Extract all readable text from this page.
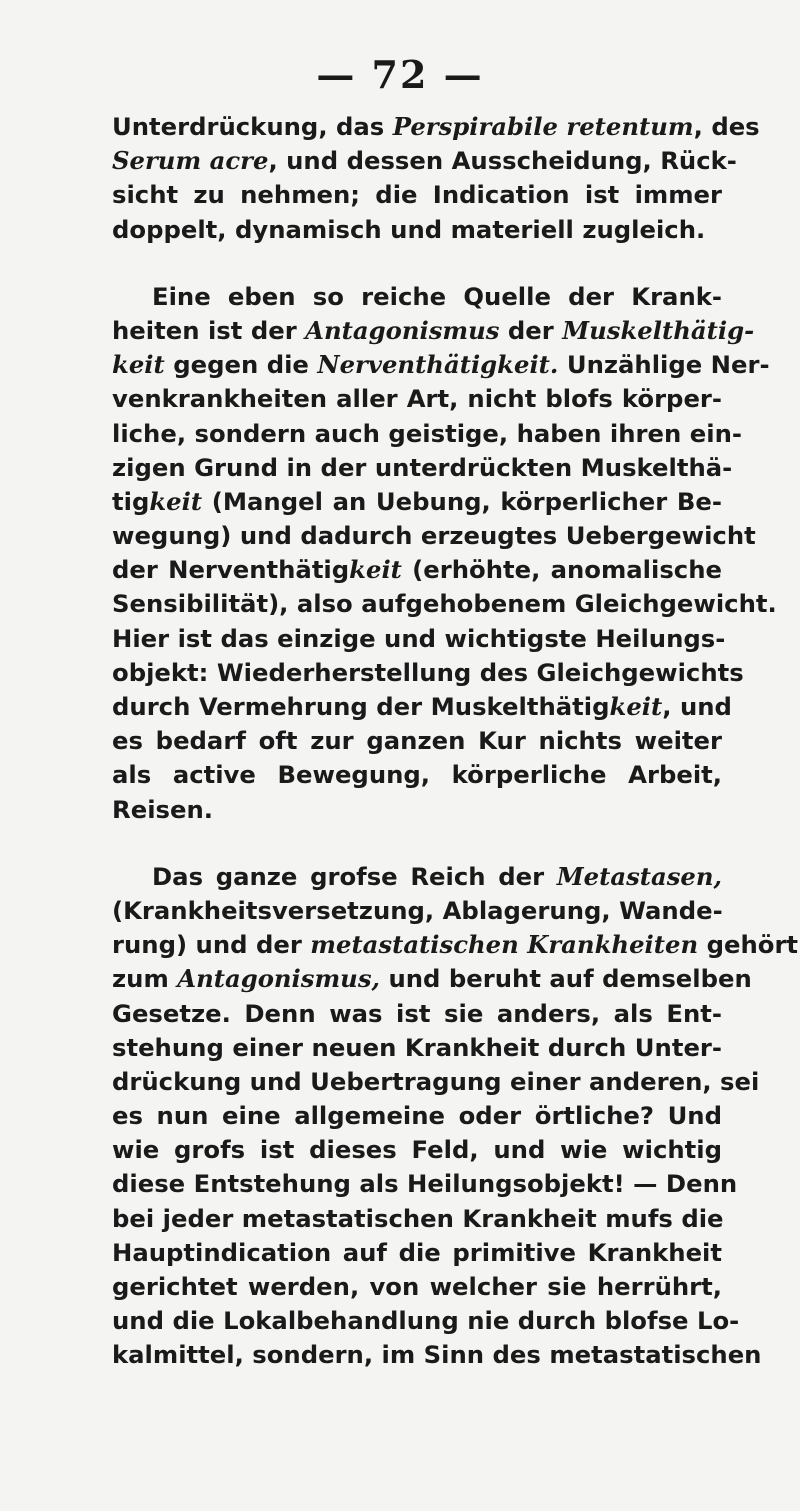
— 72 —
Unterdrückung, das Perspirabile retentum, des
Serum acre, und dessen Ausscheidung, Rück-
sicht zu nehmen; die Indication ist immer
doppelt, dynamisch und materiell zugleich.
Eine eben so reiche Quelle der Krank-
heiten ist der Antagonismus der Muskelthätig-
keit gegen die Nerventhätigkeit. Unzählige Ner-
venkrankheiten aller Art, nicht blofs körper-
liche, sondern auch geistige, haben ihren ein-
zigen Grund in der unterdrückten Muskelthä-
tigkeit (Mangel an Uebung, körperlicher Be-
wegung) und dadurch erzeugtes Uebergewicht
der Nerventhätigkeit (erhöhte, anomalische
Sensibilität), also aufgehobenem Gleichgewicht.
Hier ist das einzige und wichtigste Heilungs-
objekt: Wiederherstellung des Gleichgewichts
durch Vermehrung der Muskelthätigkeit, und
es bedarf oft zur ganzen Kur nichts weiter
als active Bewegung, körperliche Arbeit,
Reisen.
Das ganze grofse Reich der Metastasen,
(Krankheitsversetzung, Ablagerung, Wande-
rung) und der metastatischen Krankheiten gehört
zum Antagonismus, und beruht auf demselben
Gesetze. Denn was ist sie anders, als Ent-
stehung einer neuen Krankheit durch Unter-
drückung und Uebertragung einer anderen, sei
es nun eine allgemeine oder örtliche? Und
wie grofs ist dieses Feld, und wie wichtig
diese Entstehung als Heilungsobjekt! — Denn
bei jeder metastatischen Krankheit mufs die
Hauptindication auf die primitive Krankheit
gerichtet werden, von welcher sie herrührt,
und die Lokalbehandlung nie durch blofse Lo-
kalmittel, sondern, im Sinn des metastatischen
